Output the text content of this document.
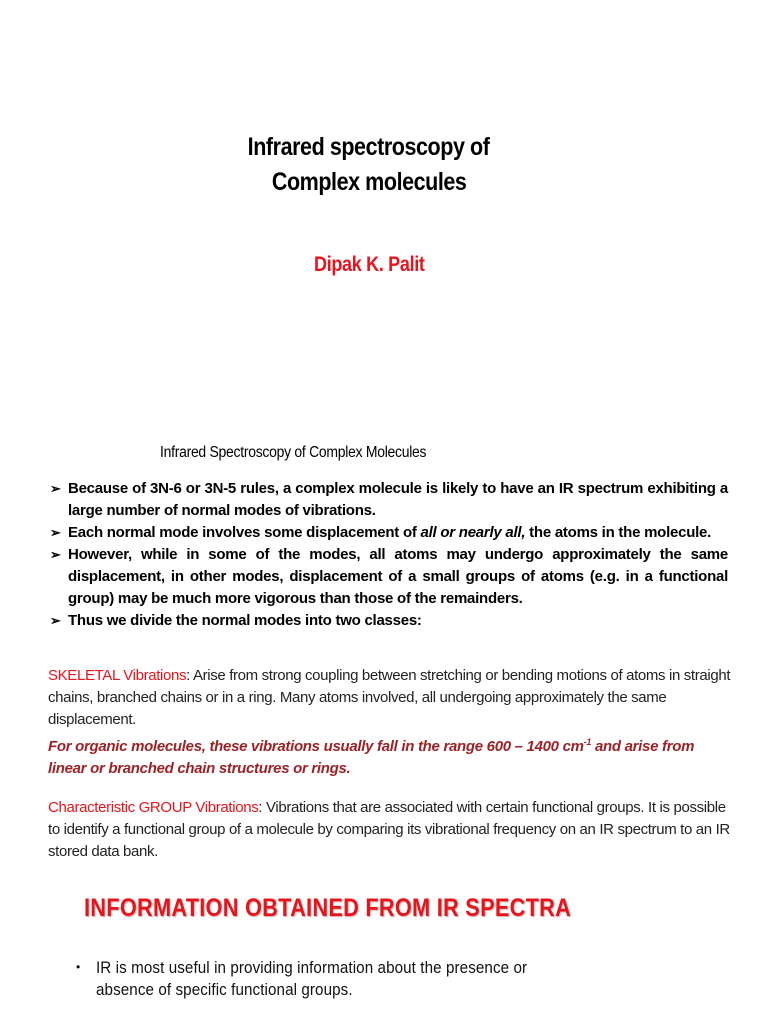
Infrared spectroscopy of
Complex molecules
Dipak K. Palit
Infrared Spectroscopy of Complex Molecules
➢ Because of 3N-6 or 3N-5 rules, a complex molecule is likely to have an IR spectrum exhibiting a large number of normal modes of vibrations.
➢ Each normal mode involves some displacement of all or nearly all, the atoms in the molecule.
➢ However, while in some of the modes, all atoms may undergo approximately the same displacement, in other modes, displacement of a small groups of atoms (e.g. in a functional group) may be much more vigorous than those of the remainders.
➢ Thus we divide the normal modes into two classes:
SKELETAL Vibrations: Arise from strong coupling between stretching or bending motions of atoms in straight chains, branched chains or in a ring. Many atoms involved, all undergoing approximately the same displacement.
For organic molecules, these vibrations usually fall in the range 600 – 1400 $cm^{-1}$ and arise from linear or branched chain structures or rings.
Characteristic GROUP Vibrations: Vibrations that are associated with certain functional groups. It is possible to identify a functional group of a molecule by comparing its vibrational frequency on an IR spectrum to an IR stored data bank.
INFORMATION OBTAINED FROM IR SPECTRA
• IR is most useful in providing information about the presence or
absence of specific functional groups.
